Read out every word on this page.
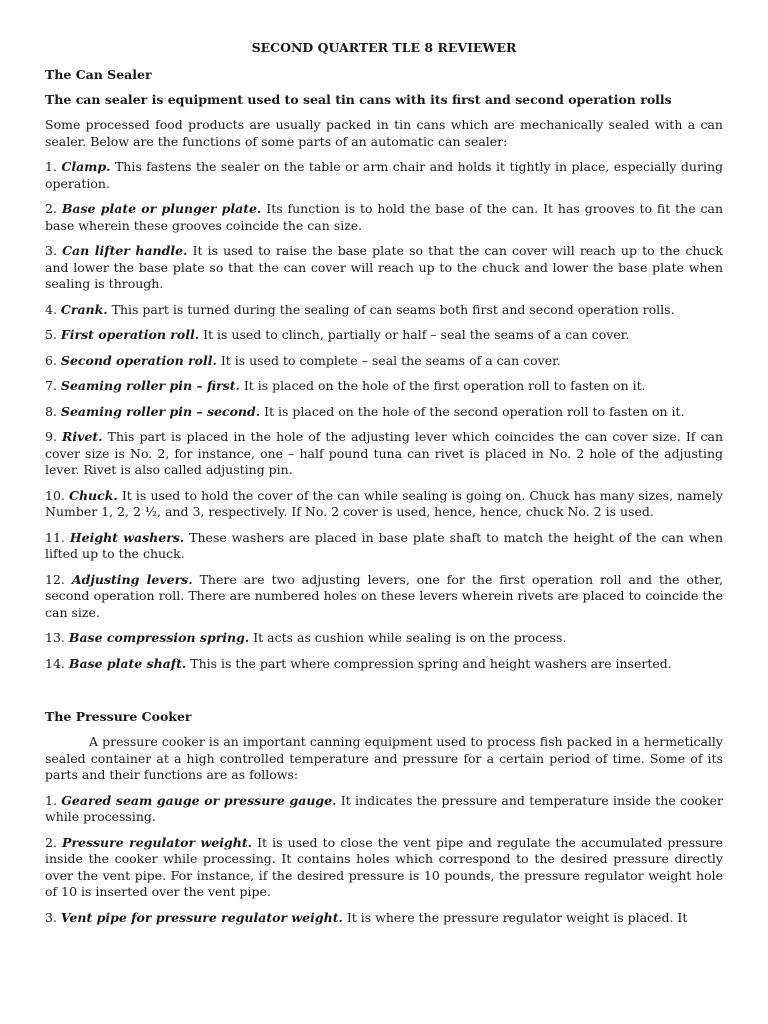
SECOND QUARTER TLE 8 REVIEWER
The Can Sealer
The can sealer is equipment used to seal tin cans with its first and second operation rolls

Some processed food products are usually packed in tin cans which are mechanically sealed with a can sealer. Below are the functions of some parts of an automatic can sealer:

1. Clamp. This fastens the sealer on the table or arm chair and holds it tightly in place, especially during operation.

2. Base plate or plunger plate. Its function is to hold the base of the can. It has grooves to fit the can base wherein these grooves coincide the can size.

3. Can lifter handle. It is used to raise the base plate so that the can cover will reach up to the chuck and lower the base plate so that the can cover will reach up to the chuck and lower the base plate when sealing is through.

4. Crank. This part is turned during the sealing of can seams both first and second operation rolls.

5. First operation roll. It is used to clinch, partially or half – seal the seams of a can cover.

6. Second operation roll. It is used to complete – seal the seams of a can cover.

7. Seaming roller pin – first. It is placed on the hole of the first operation roll to fasten on it.

8. Seaming roller pin – second. It is placed on the hole of the second operation roll to fasten on it.

9. Rivet. This part is placed in the hole of the adjusting lever which coincides the can cover size. If can cover size is No. 2, for instance, one – half pound tuna can rivet is placed in No. 2 hole of the adjusting lever. Rivet is also called adjusting pin.

10. Chuck. It is used to hold the cover of the can while sealing is going on. Chuck has many sizes, namely Number 1, 2, 2 ½, and 3, respectively. If No. 2 cover is used, hence, hence, chuck No. 2 is used.

11. Height washers. These washers are placed in base plate shaft to match the height of the can when lifted up to the chuck.

12. Adjusting levers. There are two adjusting levers, one for the first operation roll and the other, second operation roll. There are numbered holes on these levers wherein rivets are placed to coincide the can size.

13. Base compression spring. It acts as cushion while sealing is on the process.

14. Base plate shaft. This is the part where compression spring and height washers are inserted.

The Pressure Cooker

A pressure cooker is an important canning equipment used to process fish packed in a hermetically sealed container at a high controlled temperature and pressure for a certain period of time. Some of its parts and their functions are as follows:

1. Geared seam gauge or pressure gauge. It indicates the pressure and temperature inside the cooker while processing.

2. Pressure regulator weight. It is used to close the vent pipe and regulate the accumulated pressure inside the cooker while processing. It contains holes which correspond to the desired pressure directly over the vent pipe. For instance, if the desired pressure is 10 pounds, the pressure regulator weight hole of 10 is inserted over the vent pipe.

3. Vent pipe for pressure regulator weight. It is where the pressure regulator weight is placed. It
